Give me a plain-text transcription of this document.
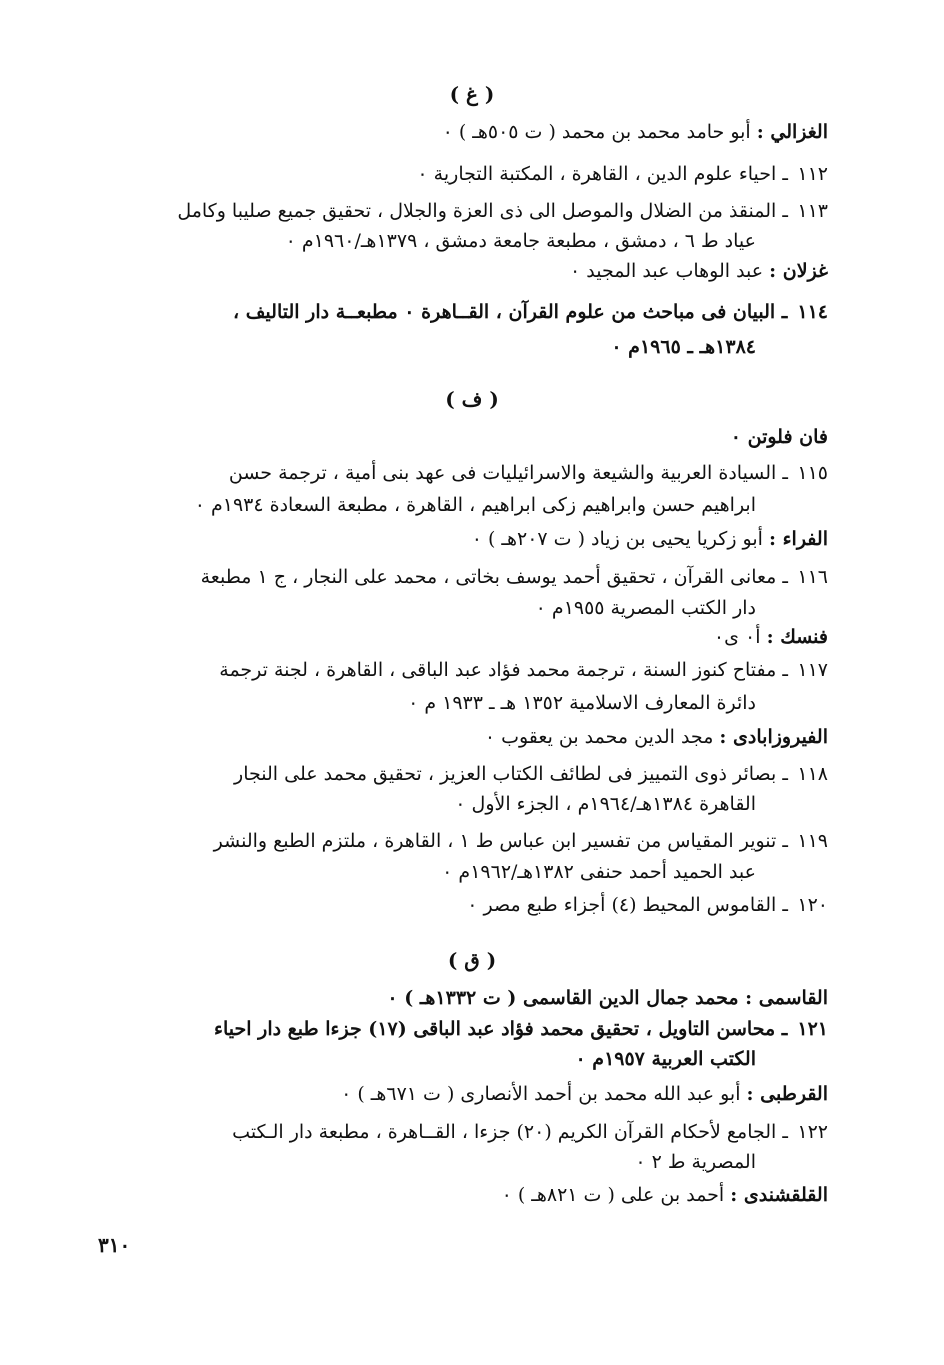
( غ )
الغزالي : أبو حامد محمد بن محمد ( ت ٥٠٥هـ ) ٠
١١٢ ـ احياء علوم الدين ، القاهرة ، المكتبة التجارية ٠
١١٣ ـ المنقذ من الضلال والموصل الى ذى العزة والجلال ، تحقيق جميع صليبا وكامل
عياد ط ٦ ، دمشق ، مطبعة جامعة دمشق ، ١٣٧٩هـ/١٩٦٠م ٠
غزلان : عبد الوهاب عبد المجيد ٠
١١٤ ـ البيان فى مباحث من علوم القرآن ، القــاهرة ٠ مطبعــة دار التاليف ،
١٣٨٤هـ ـ ١٩٦٥م ٠
( ف )
فان فلوتن ٠
١١٥ ـ السيادة العربية والشيعة والاسرائيليات فى عهد بنى أمية ، ترجمة حسن
ابراهيم حسن وابراهيم زكى ابراهيم ، القاهرة ، مطبعة السعادة ١٩٣٤م ٠
الفراء : أبو زكريا يحيى بن زياد ( ت ٢٠٧هـ ) ٠
١١٦ ـ معانى القرآن ، تحقيق أحمد يوسف بخاتى ، محمد على النجار ، ج ١ مطبعة
دار الكتب المصرية ١٩٥٥م ٠
فنسك : أ٠ ى٠
١١٧ ـ مفتاح كنوز السنة ، ترجمة محمد فؤاد عبد الباقى ، القاهرة ، لجنة ترجمة
دائرة المعارف الاسلامية ١٣٥٢ هـ ـ ١٩٣٣ م ٠
الفيروزابادى : مجد الدين محمد بن يعقوب ٠
١١٨ ـ بصائر ذوى التمييز فى لطائف الكتاب العزيز ، تحقيق محمد على النجار
القاهرة ١٣٨٤هـ/١٩٦٤م ، الجزء الأول ٠
١١٩ ـ تنوير المقياس من تفسير ابن عباس ط ١ ، القاهرة ، ملتزم الطبع والنشر
عبد الحميد أحمد حنفى ١٣٨٢هـ/١٩٦٢م ٠
١٢٠ ـ القاموس المحيط (٤) أجزاء طبع مصر ٠
( ق )
القاسمى : محمد جمال الدين القاسمى ( ت ١٣٣٢هـ ) ٠
١٢١ ـ محاسن التاويل ، تحقيق محمد فؤاد عبد الباقى (١٧) جزءا طبع دار احياء
الكتب العربية ١٩٥٧م ٠
القرطبى : أبو عبد الله محمد بن أحمد الأنصارى ( ت ٦٧١هـ ) ٠
١٢٢ ـ الجامع لأحكام القرآن الكريم (٢٠) جزءا ، القــاهرة ، مطبعة دار الـكتب
المصرية ط ٢ ٠
القلقشندى : أحمد بن على ( ت ٨٢١هـ ) ٠
٣١٠
